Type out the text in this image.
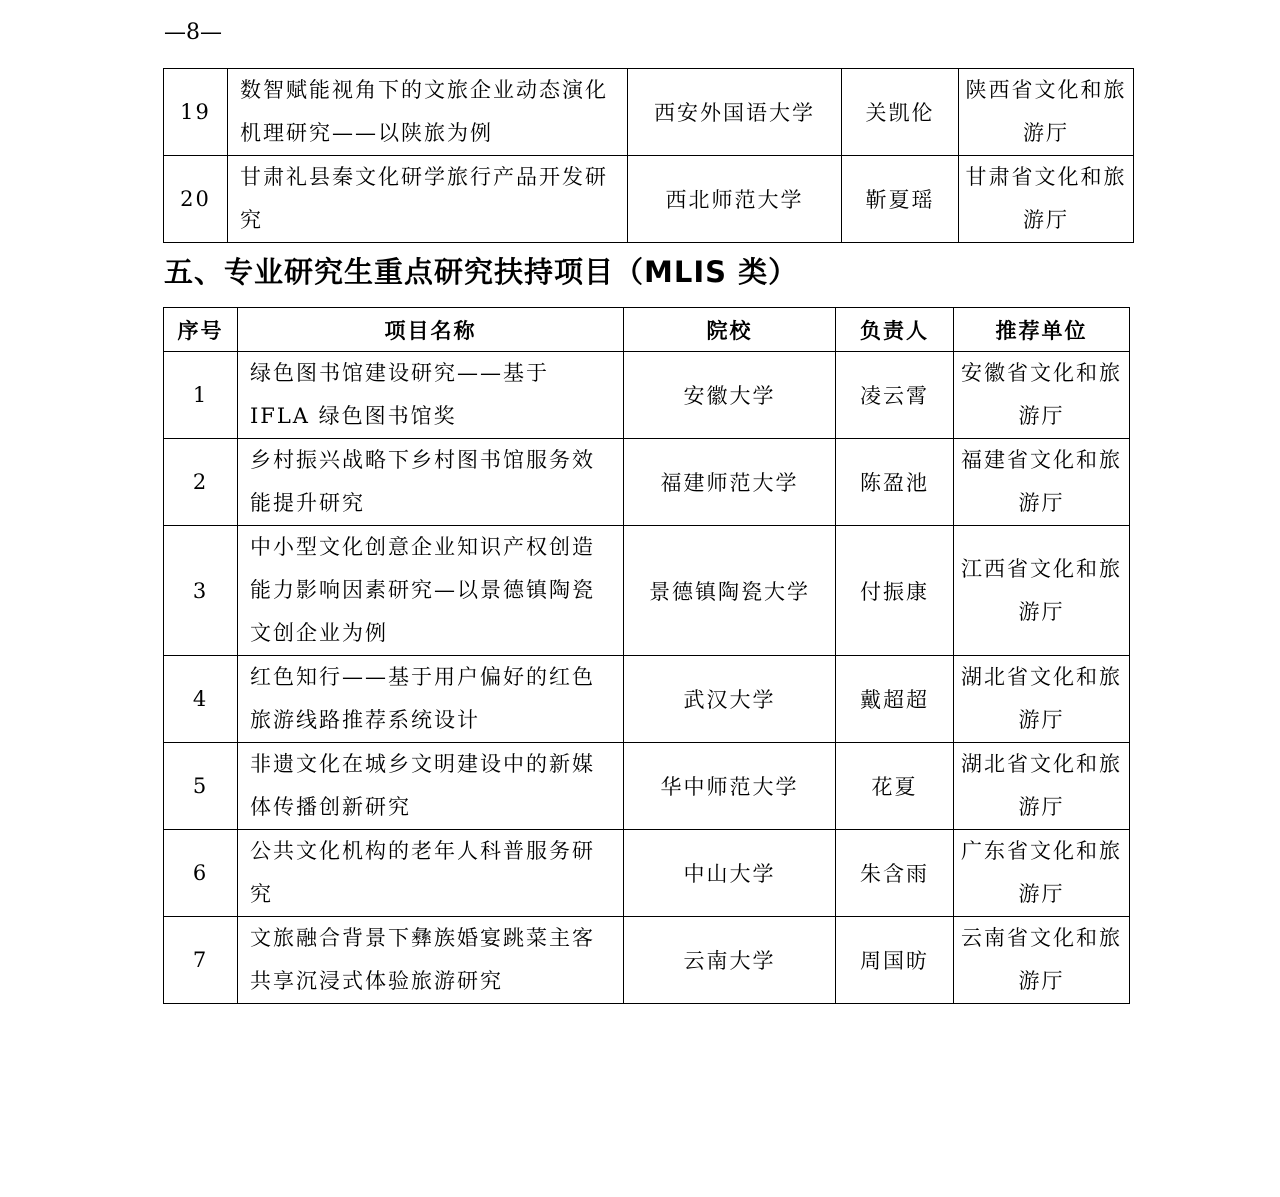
—8—
19	数智赋能视角下的文旅企业动态演化机理研究——以陕旅为例	西安外国语大学	关凯伦	陕西省文化和旅游厅
20	甘肃礼县秦文化研学旅行产品开发研究	西北师范大学	靳夏瑶	甘肃省文化和旅游厅
五、专业研究生重点研究扶持项目（MLIS 类）
序号	项目名称	院校	负责人	推荐单位
1	绿色图书馆建设研究——基于 IFLA 绿色图书馆奖	安徽大学	凌云霄	安徽省文化和旅游厅
2	乡村振兴战略下乡村图书馆服务效能提升研究	福建师范大学	陈盈池	福建省文化和旅游厅
3	中小型文化创意企业知识产权创造能力影响因素研究—以景德镇陶瓷文创企业为例	景德镇陶瓷大学	付振康	江西省文化和旅游厅
4	红色知行——基于用户偏好的红色旅游线路推荐系统设计	武汉大学	戴超超	湖北省文化和旅游厅
5	非遗文化在城乡文明建设中的新媒体传播创新研究	华中师范大学	花夏	湖北省文化和旅游厅
6	公共文化机构的老年人科普服务研究	中山大学	朱含雨	广东省文化和旅游厅
7	文旅融合背景下彝族婚宴跳菜主客共享沉浸式体验旅游研究	云南大学	周国昉	云南省文化和旅游厅
